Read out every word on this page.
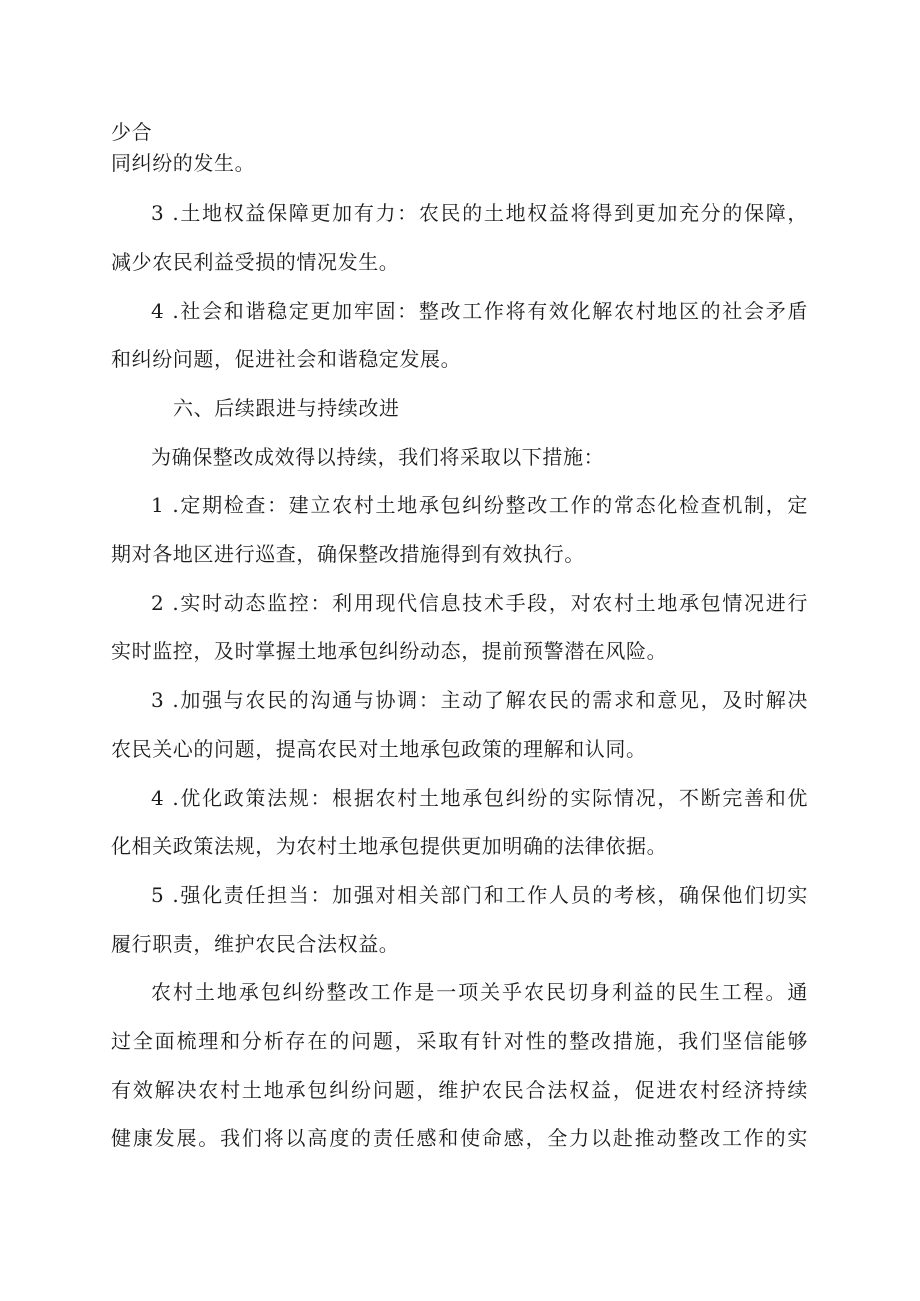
少合
同纠纷的发生。
3 .土地权益保障更加有力：农民的土地权益将得到更加充分的保障，
减少农民利益受损的情况发生。
4 .社会和谐稳定更加牢固：整改工作将有效化解农村地区的社会矛盾
和纠纷问题，促进社会和谐稳定发展。
六、后续跟进与持续改进
为确保整改成效得以持续，我们将采取以下措施：
1 .定期检查：建立农村土地承包纠纷整改工作的常态化检查机制，定
期对各地区进行巡查，确保整改措施得到有效执行。
2 .实时动态监控：利用现代信息技术手段，对农村土地承包情况进行
实时监控，及时掌握土地承包纠纷动态，提前预警潜在风险。
3 .加强与农民的沟通与协调：主动了解农民的需求和意见，及时解决
农民关心的问题，提高农民对土地承包政策的理解和认同。
4 .优化政策法规：根据农村土地承包纠纷的实际情况，不断完善和优
化相关政策法规，为农村土地承包提供更加明确的法律依据。
5 .强化责任担当：加强对相关部门和工作人员的考核，确保他们切实
履行职责，维护农民合法权益。
农村土地承包纠纷整改工作是一项关乎农民切身利益的民生工程。通
过全面梳理和分析存在的问题，采取有针对性的整改措施，我们坚信能够
有效解决农村土地承包纠纷问题，维护农民合法权益，促进农村经济持续
健康发展。我们将以高度的责任感和使命感，全力以赴推动整改工作的实
